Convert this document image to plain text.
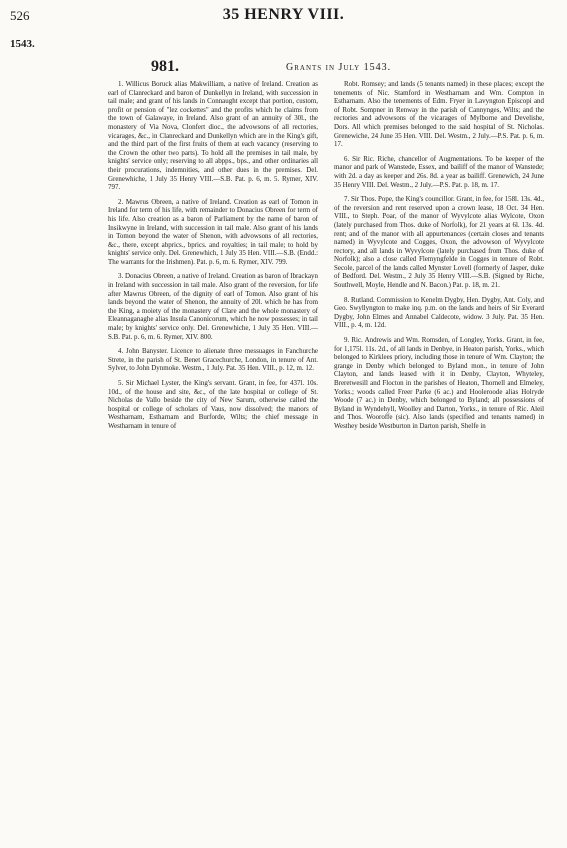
526	35 HENRY VIII.
1543.
981.	Grants in July 1543.

1. Willicus Boruck alias Makwilliam, a native of Ireland. Creation as earl of Clanreckard and baron of Dunkellyn in Ireland, with succession in tail male; and grant of his lands in Connaught except that portion, custom, profit or pension of "lez cockettes" and the profits which he claims from the town of Galawaye, in Ireland. Also grant of an annuity of 30l., the monastery of Via Nova, Clonfert dioc., the advowsons of all rectories, vicarages, &c., in Clanreckard and Dunkellyn which are in the King's gift, and the third part of the first fruits of them at each vacancy (reserving to the Crown the other two parts). To hold all the premises in tail male, by knights' service only; reserving to all abpps., bps., and other ordinaries all their procurations, indemnities, and other dues in the premises. Del. Grenewhiche, 1 July 35 Henry VIII.—S.B. Pat. p. 6, m. 5. Rymer, XIV. 797.

2. Mawrus Obreen, a native of Ireland. Creation as earl of Tomon in Ireland for term of his life, with remainder to Donacius Obreen for term of his life. Also creation as a baron of Parliament by the name of baron of Insikwyne in Ireland, with succession in tail male. Also grant of his lands in Tomon beyond the water of Shenon, with advowsons of all rectories, &c., there, except abprics., bprics. and royalties; in tail male; to hold by knights' service only. Del. Grenewhich, 1 July 35 Hen. VIII.—S.B. (Endd.: The warrants for the Irishmen). Pat. p. 6, m. 6. Rymer, XIV. 799.

3. Donacius Obreen, a native of Ireland. Creation as baron of Ibrackayn in Ireland with succession in tail male. Also grant of the reversion, for life after Mawrus Obreen, of the dignity of earl of Tomon. Also grant of his lands beyond the water of Shenon, the annuity of 20l. which he has from the King, a moiety of the monastery of Clare and the whole monastery of Eleannaganaghe alias Insula Canonicorum, which he now possesses; in tail male; by knights' service only. Del. Grenewhiche, 1 July 35 Hen. VIII.—S.B. Pat. p. 6, m. 6. Rymer, XIV. 800.

4. John Banyster. Licence to alienate three messuages in Fanchurche Strete, in the parish of St. Benet Gracechurche, London, in tenure of Ant. Sylver, to John Dynmoke. Westm., 1 July. Pat. 35 Hen. VIII., p. 12, m. 12.

5. Sir Michael Lyster, the King's servant. Grant, in fee, for 437l. 10s. 10d., of the house and site, &c., of the late hospital or college of St. Nicholas de Vallo beside the city of New Sarum, otherwise called the hospital or college of scholars of Vaus, now dissolved; the manors of Westharnam, Estharnam and Burforde, Wilts; the chief message in Westharnam in tenure of

Robt. Romsey; and lands (5 tenants named) in these places; except the tenements of Nic. Stamford in Westharnam and Wm. Compton in Estharnam. Also the tenements of Edm. Fryer in Lavyngton Episcopi and of Robt. Sompner in Renway in the parish of Cannynges, Wilts; and the rectories and advowsons of the vicarages of Mylborne and Develishe, Dors. All which premises belonged to the said hospital of St. Nicholas. Grenewiche, 24 June 35 Hen. VIII. Del. Westm., 2 July.—P.S. Pat. p. 6, m. 17.

6. Sir Ric. Riche, chancellor of Augmentations. To be keeper of the manor and park of Wanstede, Essex, and bailiff of the manor of Wanstede; with 2d. a day as keeper and 26s. 8d. a year as bailiff. Grenewich, 24 June 35 Henry VIII. Del. Westm., 2 July.—P.S. Pat. p. 18, m. 17.

7. Sir Thos. Pope, the King's councillor. Grant, in fee, for 158l. 13s. 4d., of the reversion and rent reserved upon a crown lease, 18 Oct. 34 Hen. VIII., to Steph. Poar, of the manor of Wyvylcote alias Wylcote, Oxon (lately purchased from Thos. duke of Norfolk), for 21 years at 6l. 13s. 4d. rent; and of the manor with all appurtenances (certain closes and tenants named) in Wyvylcote and Cogges, Oxon, the advowson of Wyvylcote rectory, and all lands in Wyvylcote (lately purchased from Thos. duke of Norfolk); also a close called Flemyngfelde in Cogges in tenure of Robt. Secole, parcel of the lands called Mynster Lovell (formerly of Jasper, duke of Bedford. Del. Westm., 2 July 35 Henry VIII.—S.B. (Signed by Riche, Southwell, Moyle, Hendle and N. Bacon.) Pat. p. 18, m. 21.

8. Rutland. Commission to Kenelm Dygby, Hen. Dygby, Ant. Coly, and Geo. Swyllyngton to make inq. p.m. on the lands and heirs of Sir Everard Dygby, John Elmes and Annabel Caldecote, widow. 3 July. Pat. 35 Hen. VIII., p. 4, m. 12d.

9. Ric. Andrewis and Wm. Romsden, of Longley, Yorks. Grant, in fee, for 1,175l. 11s. 2d., of all lands in Denbye, in Heaton parish, Yorks., which belonged to Kirklees priory, including those in tenure of Wm. Clayton; the grange in Denby which belonged to Byland mon., in tenure of John Clayton, and lands leased with it in Denby, Clayton, Whyteley, Breretwesill and Flocton in the parishes of Heaton, Thornell and Elmeley, Yorks.; woods called Freer Parke (6 ac.) and Hooleroode alias Holryde Woode (7 ac.) in Denby, which belonged to Byland; all possessions of Byland in Wyndehyll, Woolley and Darton, Yorks., in tenure of Ric. Aleil and Thos. Wooroffe (sic). Also lands (specified and tenants named) in Westhey beside Westburton in Darton parish, Shelfe in
